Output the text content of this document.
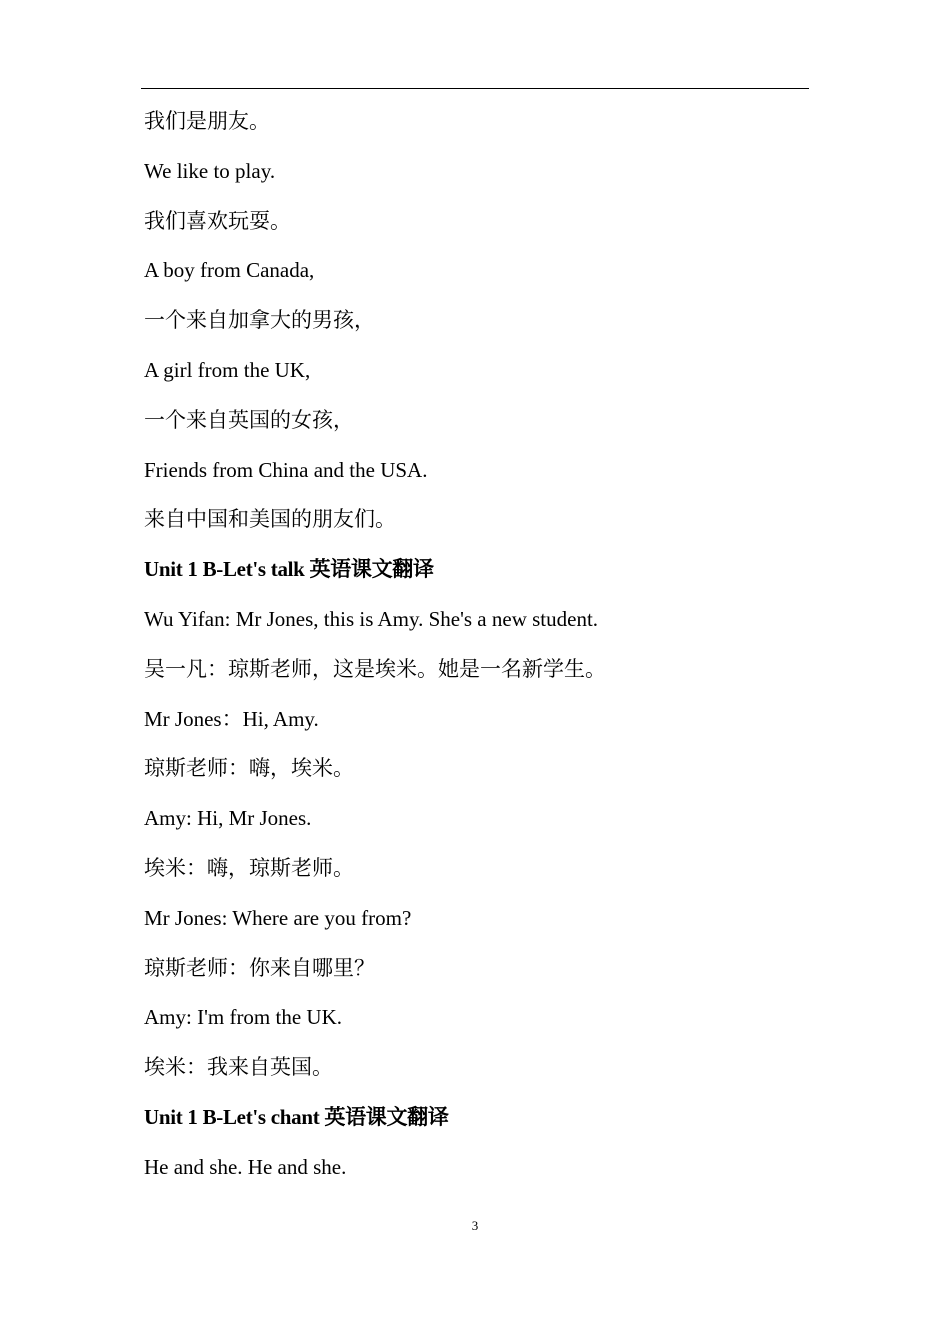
我们是朋友。
We like to play.
我们喜欢玩耍。
A boy from Canada,
一个来自加拿大的男孩，
A girl from the UK,
一个来自英国的女孩，
Friends from China and the USA.
来自中国和美国的朋友们。
Unit 1 B-Let's talk 英语课文翻译
Wu Yifan: Mr Jones, this is Amy. She's a new student.
吴一凡：琼斯老师，这是埃米。她是一名新学生。
Mr Jones：Hi, Amy.
琼斯老师：嗨，埃米。
Amy: Hi, Mr Jones.
埃米：嗨，琼斯老师。
Mr Jones: Where are you from?
琼斯老师：你来自哪里？
Amy: I'm from the UK.
埃米：我来自英国。
Unit 1 B-Let's chant 英语课文翻译
He and she. He and she.
3
